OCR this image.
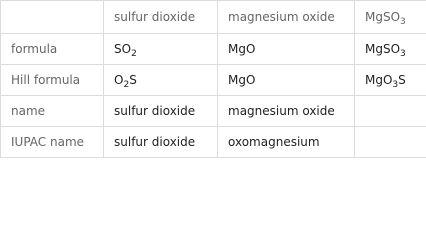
	sulfur dioxide	magnesium oxide	MgSO$_3$
formula	$SO_2$	MgO	MgSO$_3$
Hill formula	$O_2S$	MgO	MgO$_3$S
name	sulfur dioxide	magnesium oxide	
IUPAC name	sulfur dioxide	oxomagnesium	
